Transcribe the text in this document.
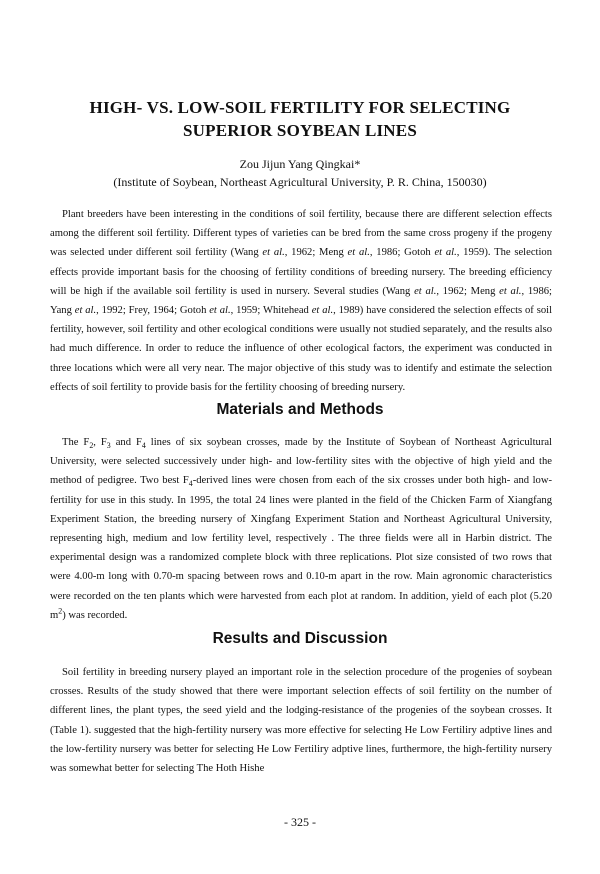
HIGH- VS. LOW-SOIL FERTILITY FOR SELECTING
SUPERIOR SOYBEAN LINES
Zou Jijun Yang Qingkai*
(Institute of Soybean, Northeast Agricultural University, P. R. China, 150030)

Plant breeders have been interesting in the conditions of soil fertility, because there are different selection effects among the different soil fertility. Different types of varieties can be bred from the same cross progeny if the progeny was selected under different soil fertility (Wang et al., 1962; Meng et al., 1986; Gotoh et al., 1959). The selection effects provide important basis for the choosing of fertility conditions of breeding nursery. The breeding efficiency will be high if the available soil fertility is used in nursery. Several studies (Wang et al., 1962; Meng et al., 1986; Yang et al., 1992; Frey, 1964; Gotoh et al., 1959; Whitehead et al., 1989) have considered the selection effects of soil fertility, however, soil fertility and other ecological conditions were usually not studied separately, and the results also had much difference. In order to reduce the influence of other ecological factors, the experiment was conducted in three locations which were all very near. The major objective of this study was to identify and estimate the selection effects of soil fertility to provide basis for the fertility choosing of breeding nursery.

Materials and Methods

The $F_2$, $F_3$ and $F_4$ lines of six soybean crosses, made by the Institute of Soybean of Northeast Agricultural University, were selected successively under high- and low-fertility sites with the objective of high yield and the method of pedigree. Two best $F_4$-derived lines were chosen from each of the six crosses under both high- and low-fertility for use in this study. In 1995, the total 24 lines were planted in the field of the Chicken Farm of Xiangfang Experiment Station, the breeding nursery of Xingfang Experiment Station and Northeast Agricultural University, representing high, medium and low fertility level, respectively . The three fields were all in Harbin district. The experimental design was a randomized complete block with three replications. Plot size consisted of two rows that were 4.00-m long with 0.70-m spacing between rows and 0.10-m apart in the row. Main agronomic characteristics were recorded on the ten plants which were harvested from each plot at random. In addition, yield of each plot (5.20 $m^2$) was recorded.

Results and Discussion

Soil fertility in breeding nursery played an important role in the selection procedure of the progenies of soybean crosses. Results of the study showed that there were important selection effects of soil fertility on the number of different lines, the plant types, the seed yield and the lodging-resistance of the progenies of the soybean crosses. It (Table 1). suggested that the high-fertility nursery was more effective for selecting He Low Fertiliry adptive lines and the low-fertility nursery was better for selecting He Low Fertiliry adptive lines, furthermore, the high-fertility nursery was somewhat better for selecting The Hoth Hishe

- 325 -
